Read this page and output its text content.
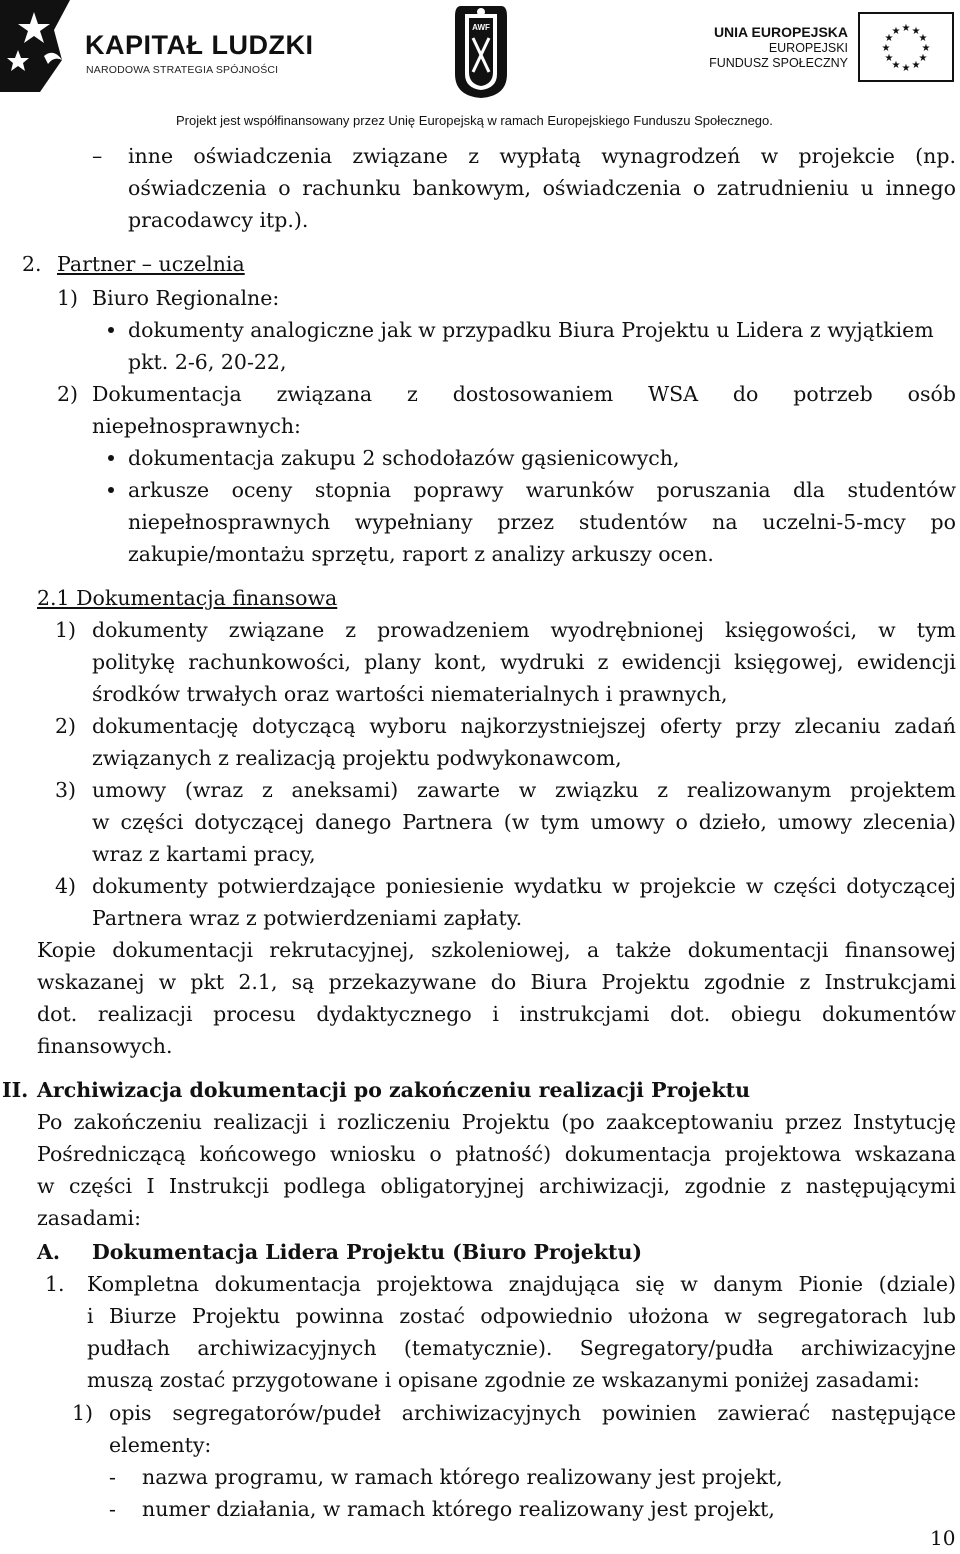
KAPITAŁ LUDZKI
NARODOWA STRATEGIA SPÓJNOŚCI
AWF	UNIA EUROPEJSKA
EUROPEJSKI
FUNDUSZ SPOŁECZNY
★ ★
★
★
★
★
★
★
★
★
★
★
Projekt jest współfinansowany przez Unię Europejską w ramach Europejskiego Funduszu Społecznego.
– inne oświadczenia związane z wypłatą wynagrodzeń w projekcie (np.
oświadczenia o rachunku bankowym, oświadczenia o zatrudnieniu u innego
pracodawcy itp.).
2. Partner – uczelnia
1) Biuro Regionalne:
dokumenty analogiczne jak w przypadku Biura Projektu u Lidera z wyjątkiem
pkt. 2-6, 20-22,
2) Dokumentacja związana z dostosowaniem WSA do potrzeb osób
niepełnosprawnych:
dokumentacja zakupu 2 schodołazów gąsienicowych,
arkusze oceny stopnia poprawy warunków poruszania dla studentów
niepełnosprawnych wypełniany przez studentów na uczelni-5-mcy po
zakupie/montażu sprzętu, raport z analizy arkuszy ocen.
2.1 Dokumentacja finansowa
1) dokumenty związane z prowadzeniem wyodrębnionej księgowości, w tym
politykę rachunkowości, plany kont, wydruki z ewidencji księgowej, ewidencji
środków trwałych oraz wartości niematerialnych i prawnych,
2) dokumentację dotyczącą wyboru najkorzystniejszej oferty przy zlecaniu zadań
związanych z realizacją projektu podwykonawcom,
3) umowy (wraz z aneksami) zawarte w związku z realizowanym projektem
w części dotyczącej danego Partnera (w tym umowy o dzieło, umowy zlecenia)
wraz z kartami pracy,
4) dokumenty potwierdzające poniesienie wydatku w projekcie w części dotyczącej
Partnera wraz z potwierdzeniami zapłaty.
Kopie dokumentacji rekrutacyjnej, szkoleniowej, a także dokumentacji finansowej
wskazanej w pkt 2.1, są przekazywane do Biura Projektu zgodnie z Instrukcjami
dot. realizacji procesu dydaktycznego i instrukcjami dot. obiegu dokumentów
finansowych.
II. Archiwizacja dokumentacji po zakończeniu realizacji Projektu
Po zakończeniu realizacji i rozliczeniu Projektu (po zaakceptowaniu przez Instytucję
Pośredniczącą końcowego wniosku o płatność) dokumentacja projektowa wskazana
w części I Instrukcji podlega obligatoryjnej archiwizacji, zgodnie z następującymi
zasadami:
A. Dokumentacja Lidera Projektu (Biuro Projektu)
1. Kompletna dokumentacja projektowa znajdująca się w danym Pionie (dziale)
i Biurze Projektu powinna zostać odpowiednio ułożona w segregatorach lub
pudłach archiwizacyjnych (tematycznie). Segregatory/pudła archiwizacyjne
muszą zostać przygotowane i opisane zgodnie ze wskazanymi poniżej zasadami:
1) opis segregatorów/pudeł archiwizacyjnych powinien zawierać następujące
elementy:
- nazwa programu, w ramach którego realizowany jest projekt,
- numer działania, w ramach którego realizowany jest projekt,
10
